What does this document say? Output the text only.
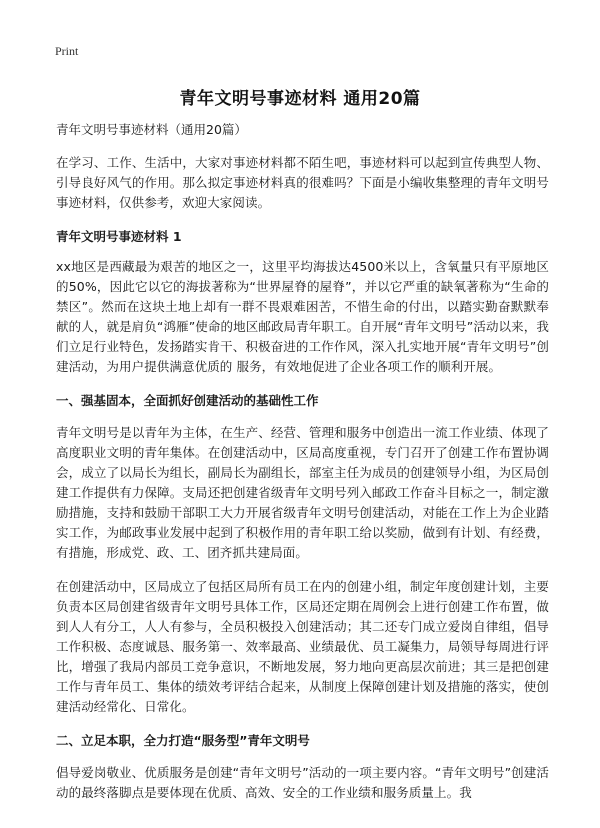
Print
青年文明号事迹材料 通用20篇
青年文明号事迹材料（通用20篇）

在学习、工作、生活中，大家对事迹材料都不陌生吧，事迹材料可以起到宣传典型人物、引导良好风气的作用。那么拟定事迹材料真的很难吗？下面是小编收集整理的青年文明号事迹材料，仅供参考，欢迎大家阅读。

青年文明号事迹材料 1

xx地区是西藏最为艰苦的地区之一，这里平均海拔达4500米以上，含氧量只有平原地区的50%，因此它以它的海拔著称为“世界屋脊的屋脊”，并以它严重的缺氧著称为“生命的禁区”。然而在这块土地上却有一群不畏艰难困苦，不惜生命的付出，以踏实勤奋默默奉献的人，就是肩负“鸿雁”使命的地区邮政局青年职工。自开展“青年文明号”活动以来，我们立足行业特色，发扬踏实肯干、积极奋进的工作作风，深入扎实地开展“青年文明号”创建活动，为用户提供满意优质的 服务，有效地促进了企业各项工作的顺利开展。

一、强基固本，全面抓好创建活动的基础性工作

青年文明号是以青年为主体，在生产、经营、管理和服务中创造出一流工作业绩、体现了高度职业文明的青年集体。在创建活动中，区局高度重视，专门召开了创建工作布置协调会，成立了以局长为组长，副局长为副组长，部室主任为成员的创建领导小组，为区局创建工作提供有力保障。支局还把创建省级青年文明号列入邮政工作奋斗目标之一，制定激励措施，支持和鼓励干部职工大力开展省级青年文明号创建活动，对能在工作上为企业踏实工作，为邮政事业发展中起到了积极作用的青年职工给以奖励，做到有计划、有经费，有措施，形成党、政、工、团齐抓共建局面。

在创建活动中，区局成立了包括区局所有员工在内的创建小组，制定年度创建计划，主要负责本区局创建省级青年文明号具体工作，区局还定期在周例会上进行创建工作布置，做到人人有分工，人人有参与，全员积极投入创建活动；其二还专门成立爱岗自律组，倡导工作积极、态度诚恳、服务第一、效率最高、业绩最优、员工凝集力，局领导每周进行评比，增强了我局内部员工竞争意识，不断地发展，努力地向更高层次前进；其三是把创建工作与青年员工、集体的绩效考评结合起来，从制度上保障创建计划及措施的落实，使创建活动经常化、日常化。

二、立足本职，全力打造“服务型”青年文明号

倡导爱岗敬业、优质服务是创建“青年文明号”活动的一项主要内容。“青年文明号”创建活动的最终落脚点是要体现在优质、高效、安全的工作业绩和服务质量上。我
